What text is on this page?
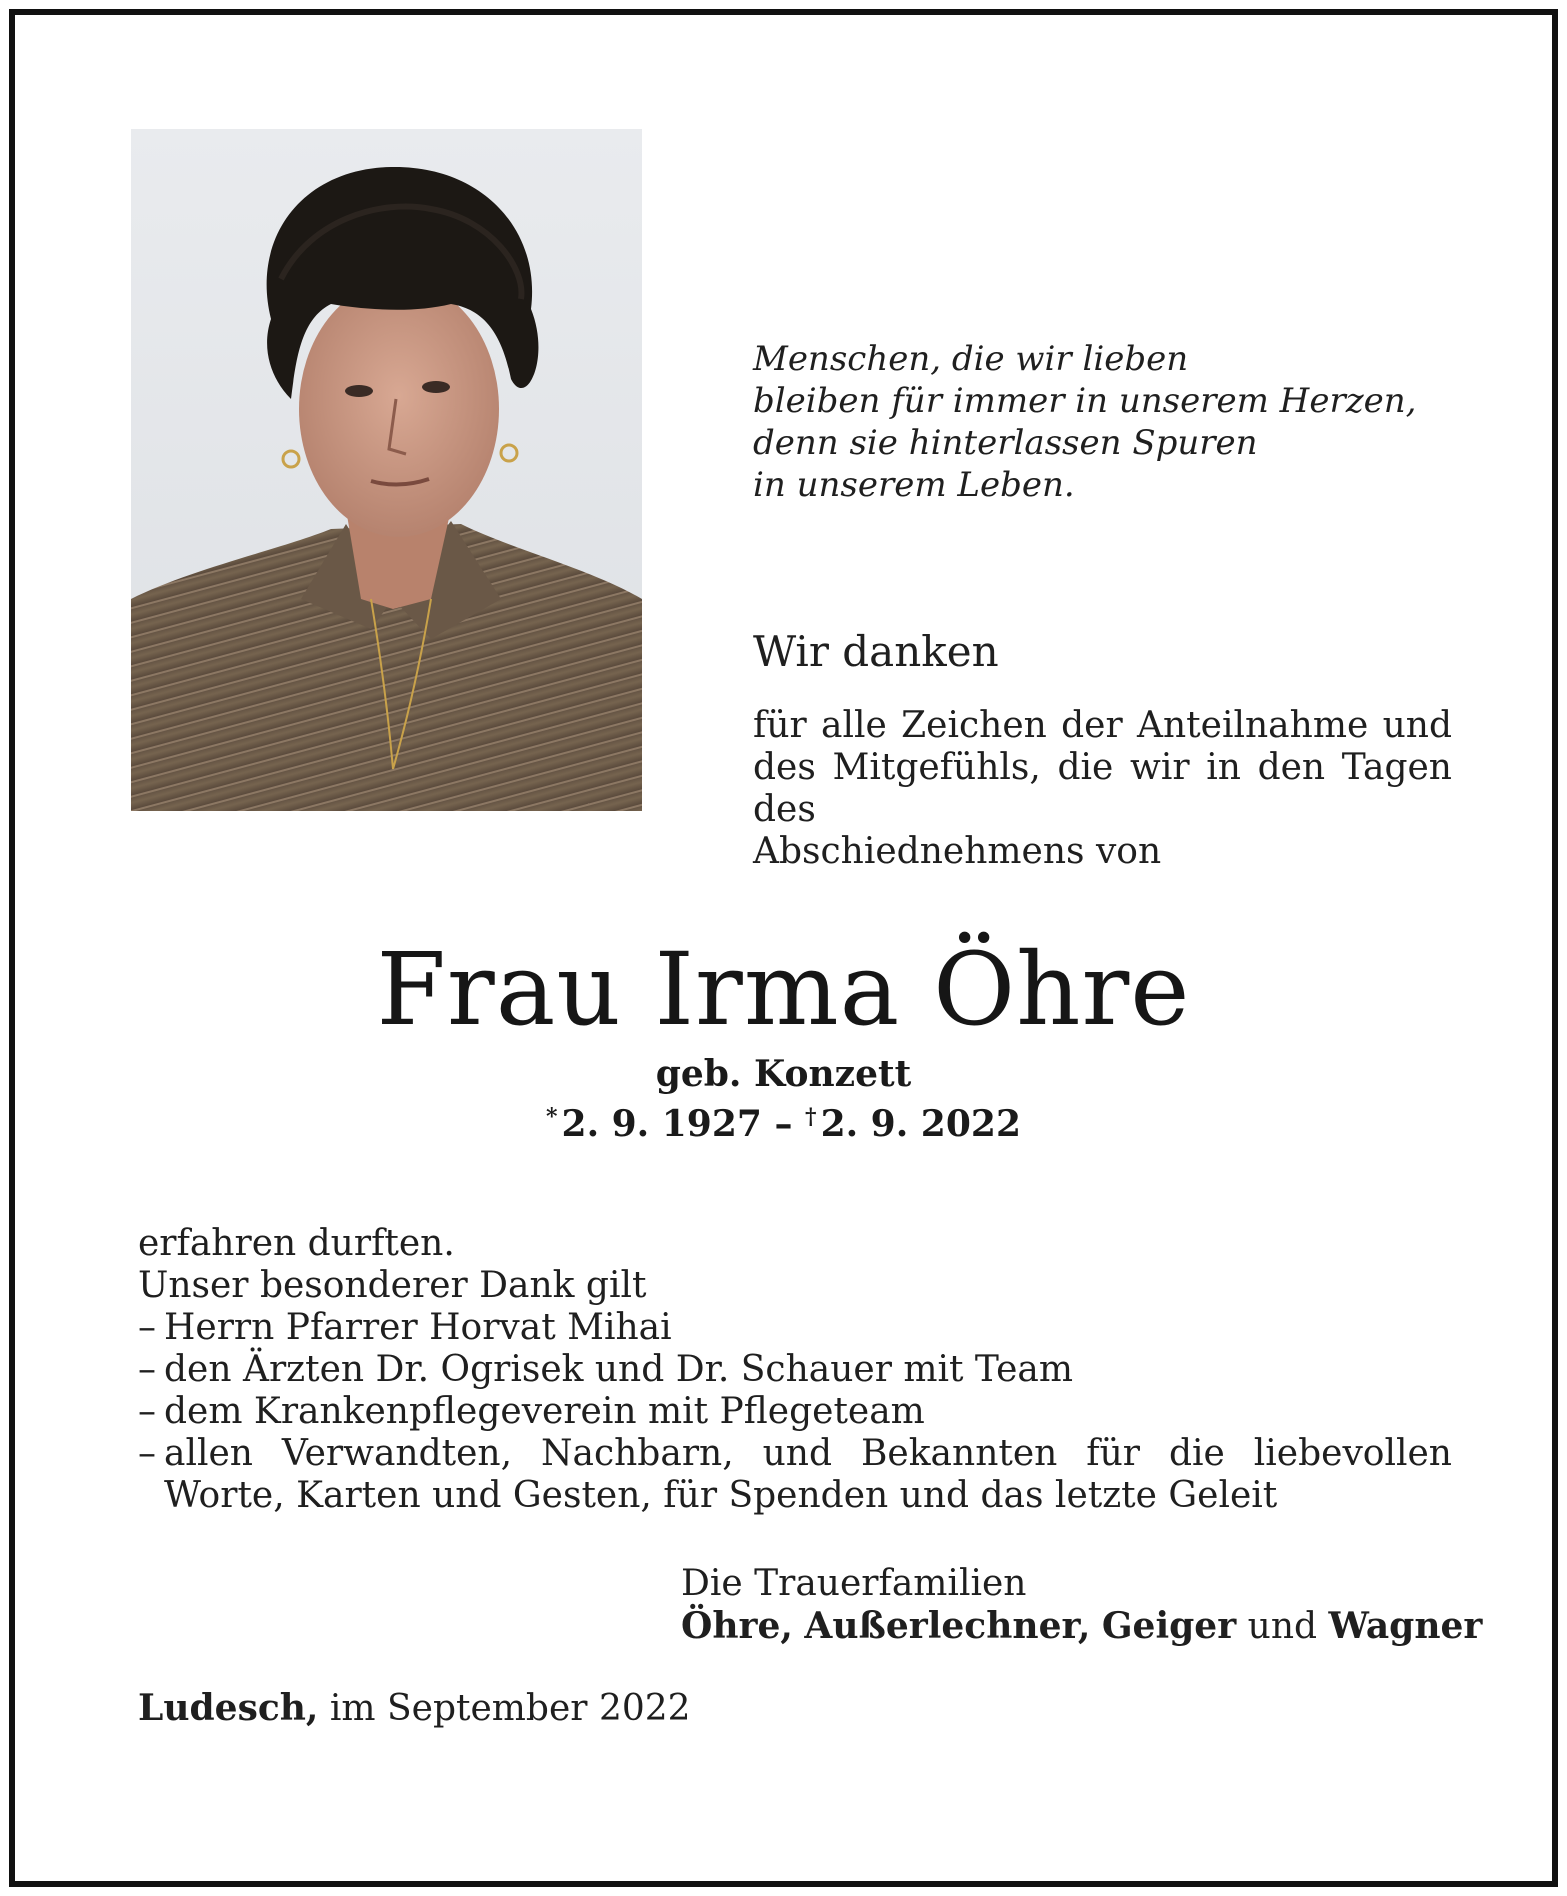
Menschen, die wir lieben
bleiben für immer in unserem Herzen,
denn sie hinterlassen Spuren
in unserem Leben.
Wir danken
für alle Zeichen der Anteilnahme und
des Mitgefühls, die wir in den Tagen des
Abschiednehmens von
Frau Irma Öhre
geb. Konzett
* 2. 9. 1927 – † 2. 9. 2022
erfahren durften.
Unser besonderer Dank gilt
– Herrn Pfarrer Horvat Mihai
– den Ärzten Dr. Ogrisek und Dr. Schauer mit Team
– dem Krankenpflegeverein mit Pflegeteam
– allen Verwandten, Nachbarn, und Bekannten für die liebevollen Worte, Karten und Gesten, für Spenden und das letzte Geleit
Die Trauerfamilien
Öhre, Außerlechner, Geiger und Wagner
Ludesch, im September 2022
